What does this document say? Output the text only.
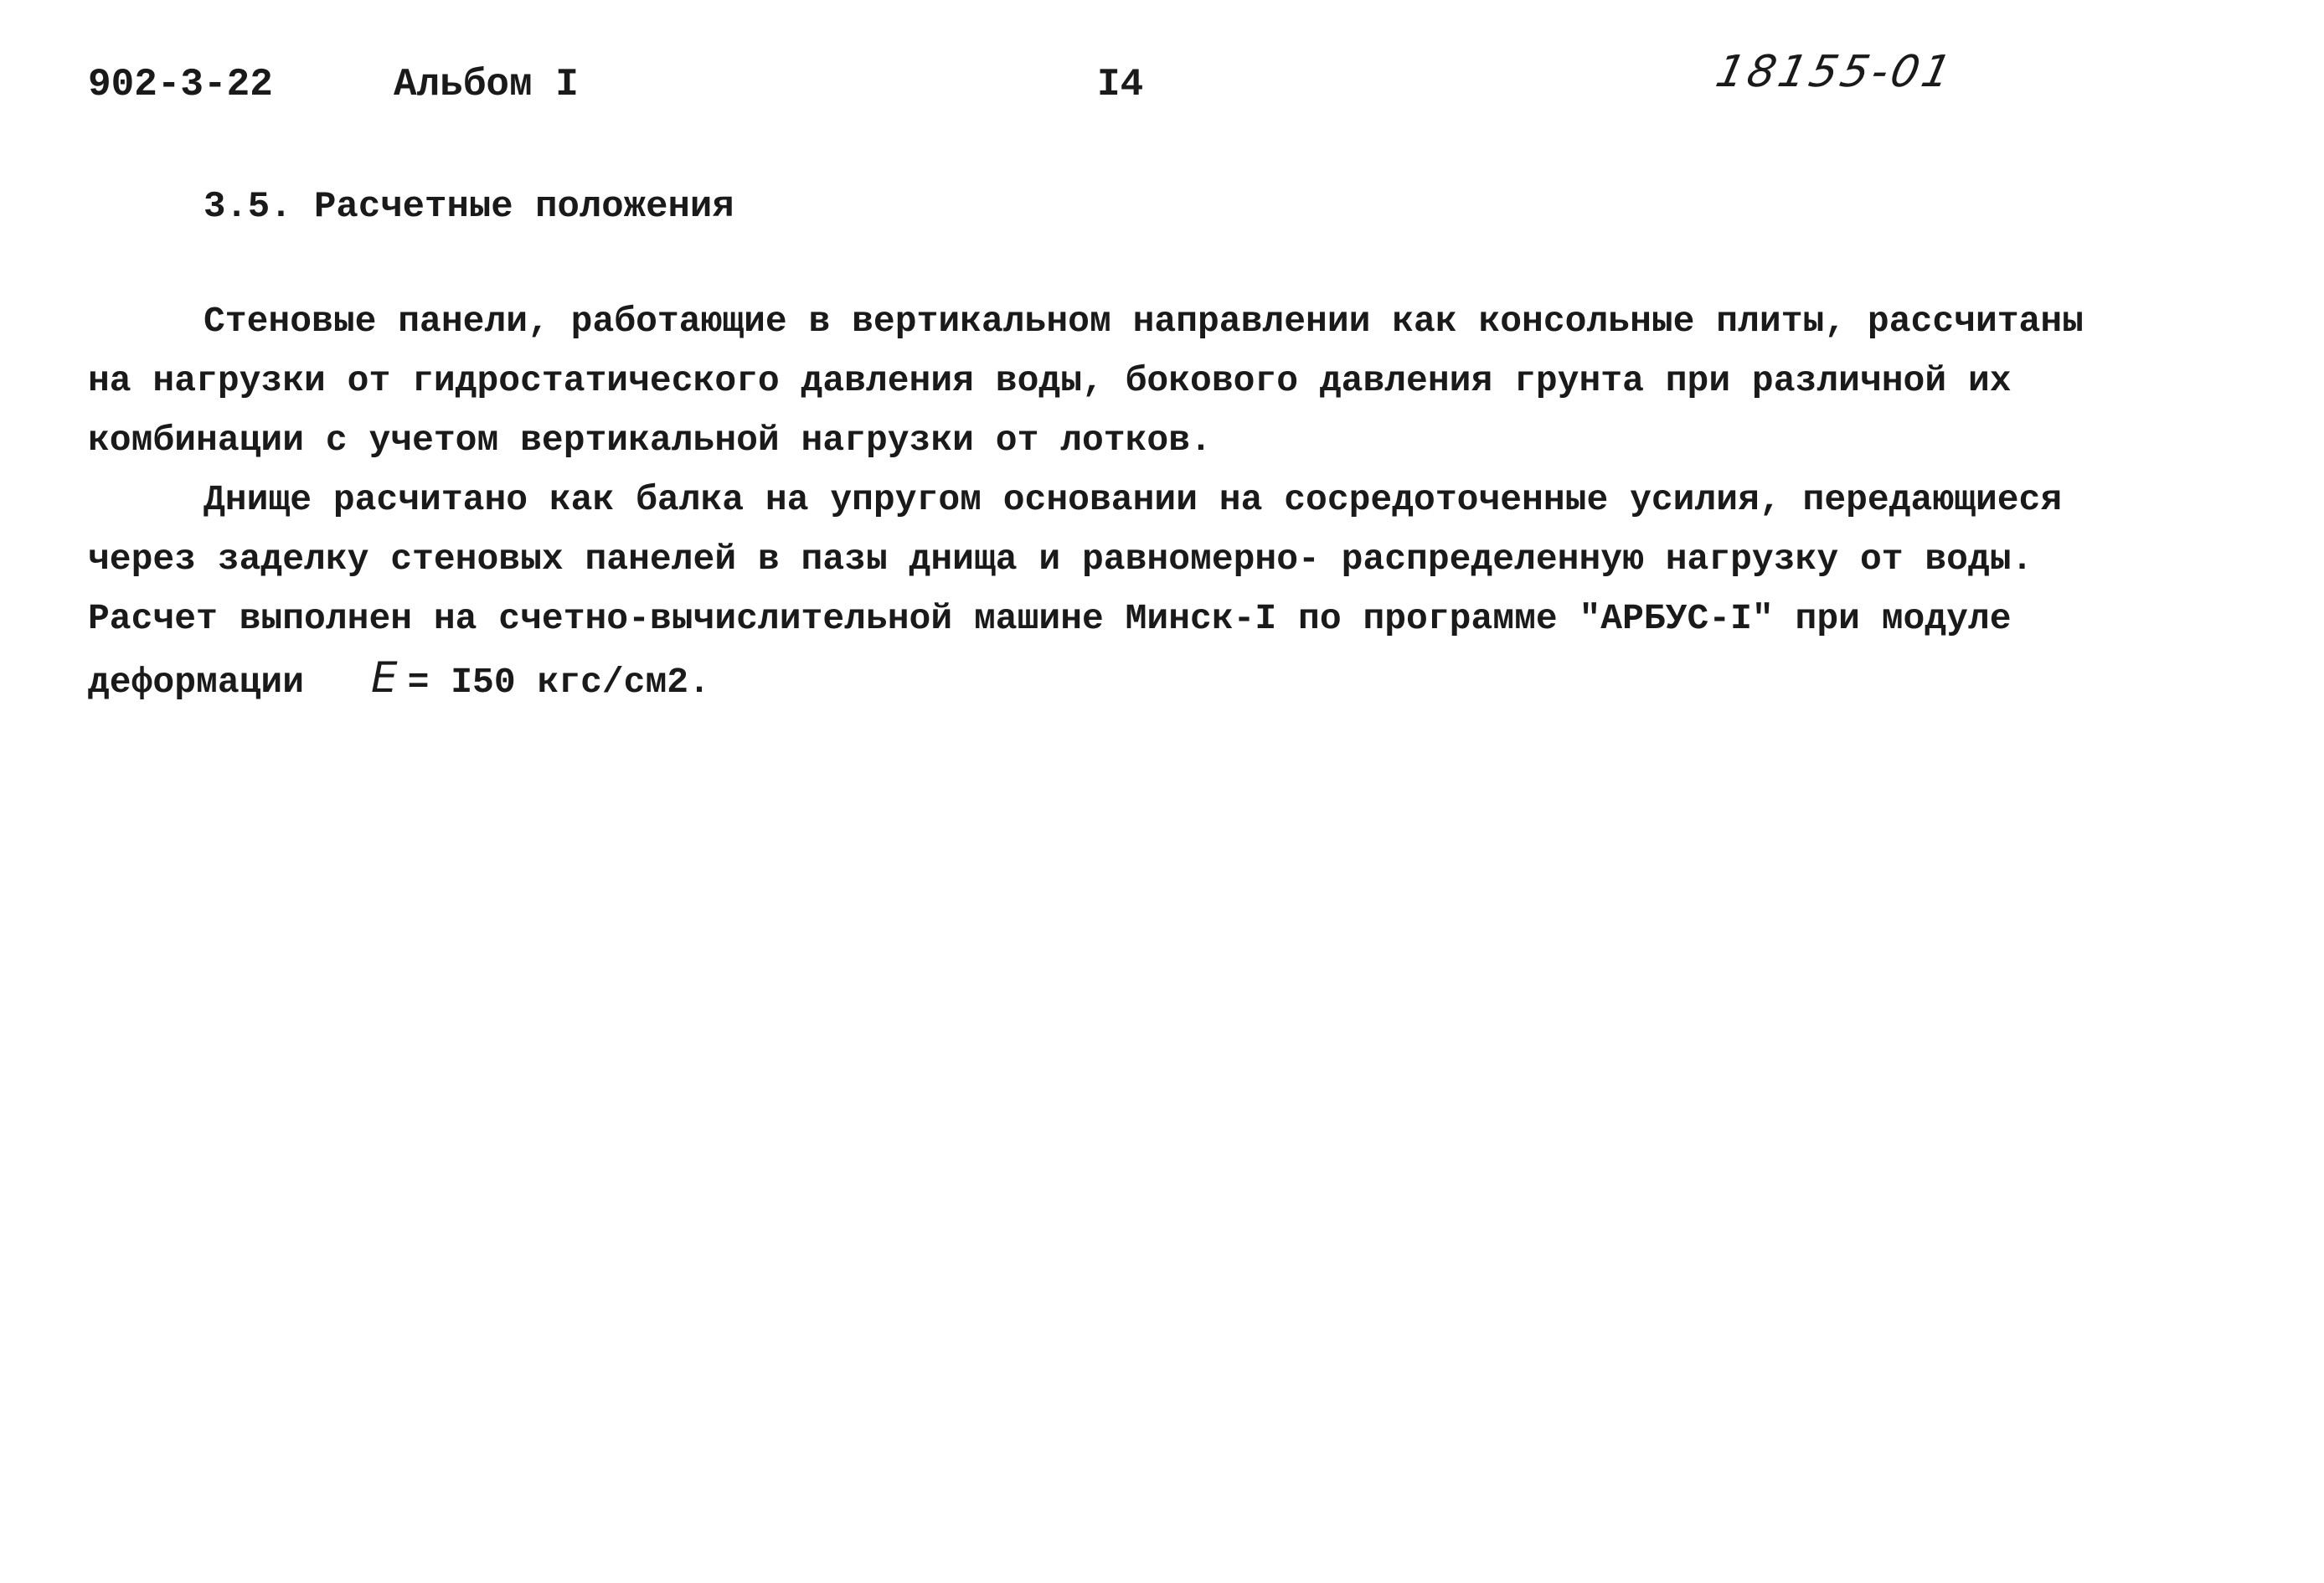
902-3-22	Альбом I	I4	18155-01
3.5. Расчетные положения
Стеновые панели, работающие в вертикальном направлении как консольные плиты, рассчитаны
на нагрузки от гидростатического давления воды, бокового давления грунта при различной их
комбинации с учетом вертикальной нагрузки от лотков.
Днище расчитано как балка на упругом основании на сосредоточенные усилия, передающиеся
через заделку стеновых панелей в пазы днища и равномерно- распределенную нагрузку от воды.
Расчет выполнен на счетно-вычислительной машине Минск-I по программе "АРБУС-I" при модуле
деформации E = I50 кгс/см2.
